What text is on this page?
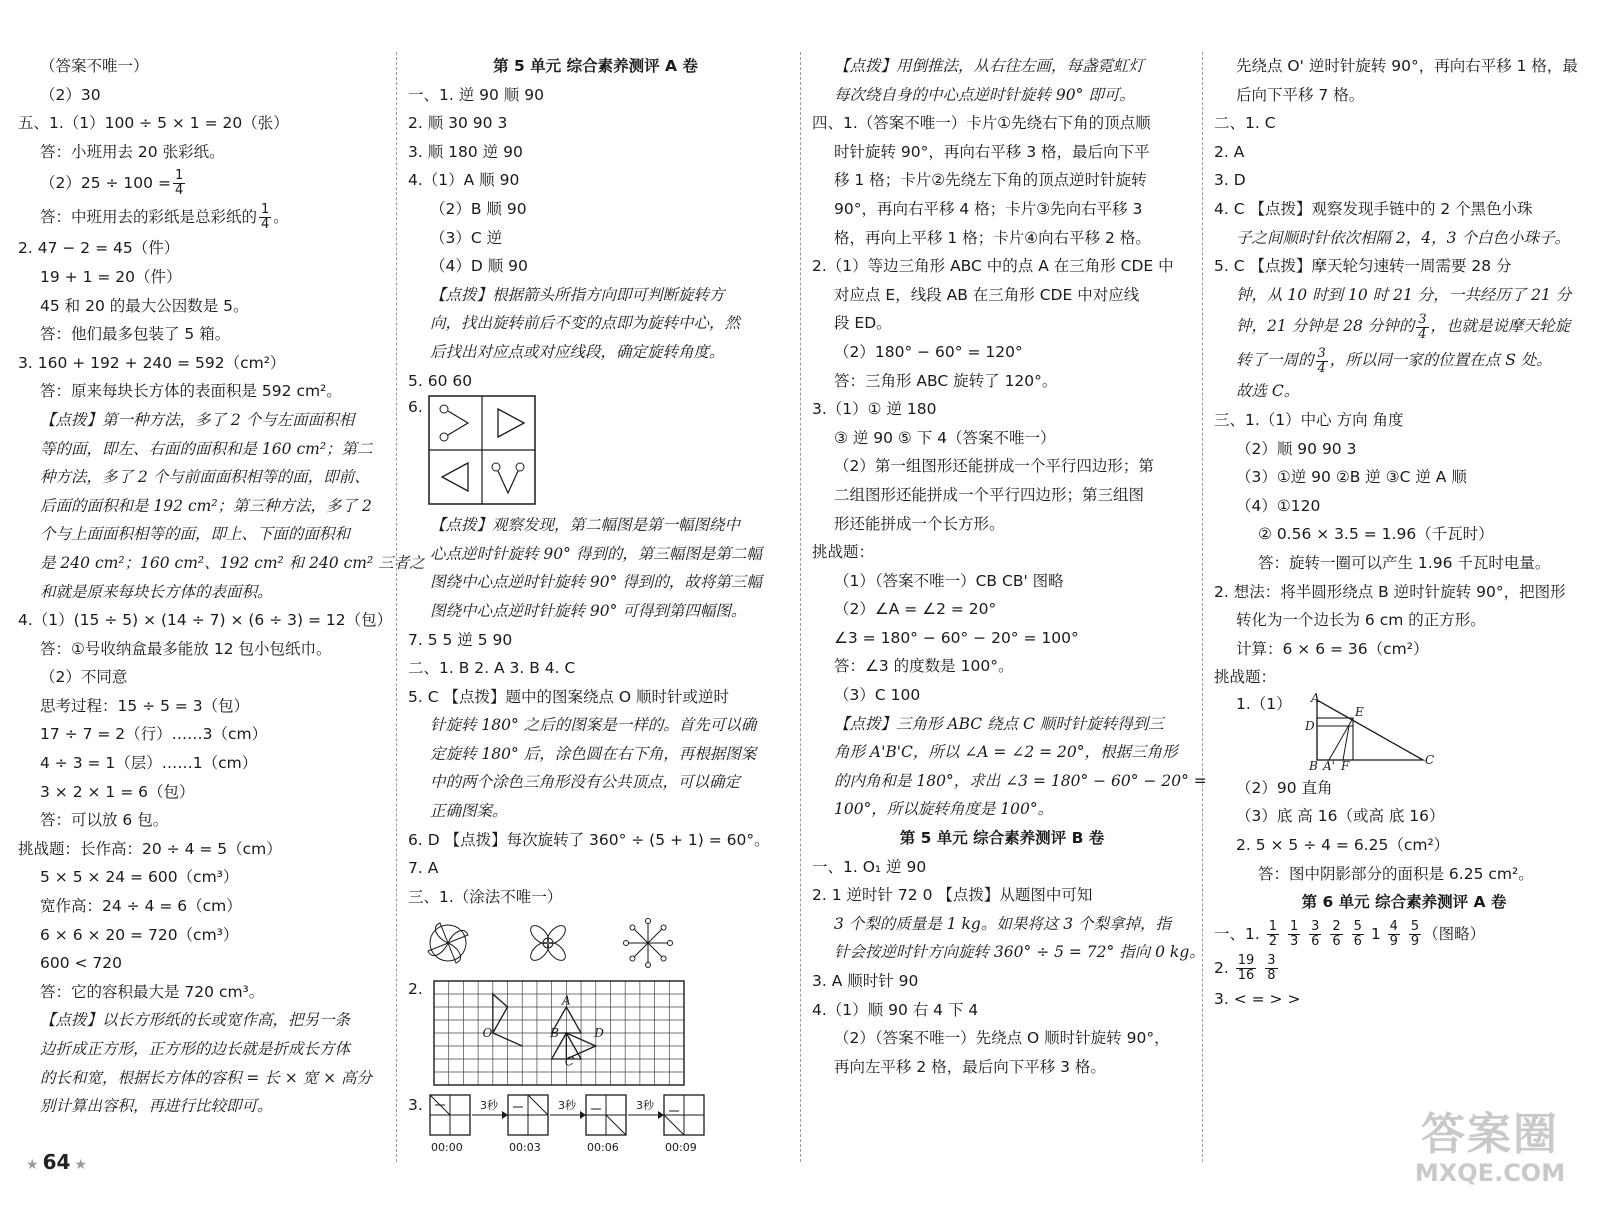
（答案不唯一）
（2）30
五、1.（1）100 ÷ 5 × 1 = 20（张）
答：小班用去 20 张彩纸。
$(2)25 \div 100 = \frac{1}{4}$
答：中班用去的彩纸是总彩纸的 $\frac{1}{4}$ 。
2. 47 − 2 = 45（件）
19 + 1 = 20（件）
45 和 20 的最大公因数是 5。
答：他们最多包装了 5 箱。
3. 160 + 192 + 240 = 592（cm²）
答：原来每块长方体的表面积是 592 cm²。
【点拨】第一种方法，多了 2 个与左面面积相
等的面，即左、右面的面积和是 160 cm²；第二
种方法，多了 2 个与前面面积相等的面，即前、
后面的面积和是 192 cm²；第三种方法，多了 2
个与上面面积相等的面，即上、下面的面积和
是 240 cm²；160 cm²、192 cm² 和 240 cm² 三者之
和就是原来每块长方体的表面积。
4.（1）(15 ÷ 5) × (14 ÷ 7) × (6 ÷ 3) = 12（包）
答：①号收纳盒最多能放 12 包小包纸巾。
（2）不同意
思考过程：15 ÷ 5 = 3（包）
17 ÷ 7 = 2（行）……3（cm）
4 ÷ 3 = 1（层）……1（cm）
3 × 2 × 1 = 6（包）
答：可以放 6 包。
挑战题：长作高：20 ÷ 4 = 5（cm）
5 × 5 × 24 = 600（cm³）
宽作高：24 ÷ 4 = 6（cm）
6 × 6 × 20 = 720（cm³）
600 < 720
答：它的容积最大是 720 cm³。
【点拨】以长方形纸的长或宽作高，把另一条
边折成正方形，正方形的边长就是折成长方体
的长和宽，根据长方体的容积 = 长 × 宽 × 高分
别计算出容积，再进行比较即可。
第 5 单元 综合素养测评 A 卷
一、1. 逆 90 顺 90
2. 顺 30 90 3
3. 顺 180 逆 90
4.（1）A 顺 90
（2）B 顺 90
（3）C 逆
（4）D 顺 90
【点拨】根据箭头所指方向即可判断旋转方
向，找出旋转前后不变的点即为旋转中心，然
后找出对应点或对应线段，确定旋转角度。
5. 60 60
6.
【点拨】观察发现，第二幅图是第一幅图绕中
心点逆时针旋转 90° 得到的，第三幅图是第二幅
图绕中心点逆时针旋转 90° 得到的，故将第三幅
图绕中心点逆时针旋转 90° 可得到第四幅图。
7. 5 5 逆 5 90
二、1. B 2. A 3. B 4. C
5. C 【点拨】题中的图案绕点 O 顺时针或逆时
针旋转 180° 之后的图案是一样的。首先可以确
定旋转 180° 后，涂色圆在右下角，再根据图案
中的两个涂色三角形没有公共顶点，可以确定
正确图案。
6. D 【点拨】每次旋转了 360° ÷ (5 + 1) = 60°。
7. A
三、1.（涂法不唯一）
2.
A
O	B	D
C
3.
00:00
3秒
00:03
3秒
00:06
3秒
00:09
【点拨】用倒推法，从右往左画，每盏霓虹灯
每次绕自身的中心点逆时针旋转 90° 即可。
四、1.（答案不唯一）卡片①先绕右下角的顶点顺
时针旋转 90°，再向右平移 3 格，最后向下平
移 1 格；卡片②先绕左下角的顶点逆时针旋转
90°，再向右平移 4 格；卡片③先向右平移 3
格，再向上平移 1 格；卡片④向右平移 2 格。
2.（1）等边三角形 ABC 中的点 A 在三角形 CDE 中
对应点 E，线段 AB 在三角形 CDE 中对应线
段 ED。
（2）180° − 60° = 120°
答：三角形 ABC 旋转了 120°。
3.（1）① 逆 180
③ 逆 90 ⑤ 下 4（答案不唯一）
（2）第一组图形还能拼成一个平行四边形；第
二组图形还能拼成一个平行四边形；第三组图
形还能拼成一个长方形。
挑战题：
（1）（答案不唯一）CB CB' 图略
（2）∠A = ∠2 = 20°
∠3 = 180° − 60° − 20° = 100°
答：∠3 的度数是 100°。
（3）C 100
【点拨】三角形 ABC 绕点 C 顺时针旋转得到三
角形 A'B'C，所以 ∠A = ∠2 = 20°，根据三角形
的内角和是 180°，求出 ∠3 = 180° − 60° − 20° =
100°，所以旋转角度是 100°。
第 5 单元 综合素养测评 B 卷
一、1. O₁ 逆 90
2. 1 逆时针 72 0 【点拨】从题图中可知
3 个梨的质量是 1 kg。如果将这 3 个梨拿掉，指
针会按逆时针方向旋转 360° ÷ 5 = 72° 指向 0 kg。
3. A 顺时针 90
4.（1）顺 90 右 4 下 4
（2）（答案不唯一）先绕点 O 顺时针旋转 90°，
再向左平移 2 格，最后向下平移 3 格。
先绕点 O' 逆时针旋转 90°，再向右平移 1 格，最
后向下平移 7 格。
二、1. C
2. A
3. D
4. C 【点拨】观察发现手链中的 2 个黑色小珠
子之间顺时针依次相隔 2，4，3 个白色小珠子。
5. C 【点拨】摩天轮匀速转一周需要 28 分
钟，从 10 时到 10 时 21 分，一共经历了 21 分
钟，21 分钟是 28 分钟的 $\frac{3}{4}$ ，也就是说摩天轮旋
转了一周的 $\frac{3}{4}$ ，所以同一家的位置在点 S 处。
故选 C。
三、1.（1）中心 方向 角度
（2）顺 90 90 3
（3）①逆 90 ②B 逆 ③C 逆 A 顺
（4）①120
② 0.56 × 3.5 = 1.96（千瓦时）
答：旋转一圈可以产生 1.96 千瓦时电量。
2. 想法：将半圆形绕点 B 逆时针旋转 90°，把图形
转化为一个边长为 6 cm 的正方形。
计算：6 × 6 = 36（cm²）
挑战题：
1.（1） A
E
D
B A' F	C
（2）90 直角
（3）底 高 16（或高 底 16）
2. 5 × 5 ÷ 4 = 6.25（cm²）
答：图中阴影部分的面积是 6.25 cm²。
第 6 单元 综合素养测评 A 卷
一、1. $\frac{1}{2}$
$\frac{1}{3}$
$\frac{3}{6}$
$\frac{2}{6}$
$\frac{5}{6} 1 \frac{4}{9}$
$\frac{5}{9}$ （图略）
2. $\frac{19}{16}$
$\frac{3}{8}$
3. < = > >
★ 64 ★
答案圈
MXQE.COM
